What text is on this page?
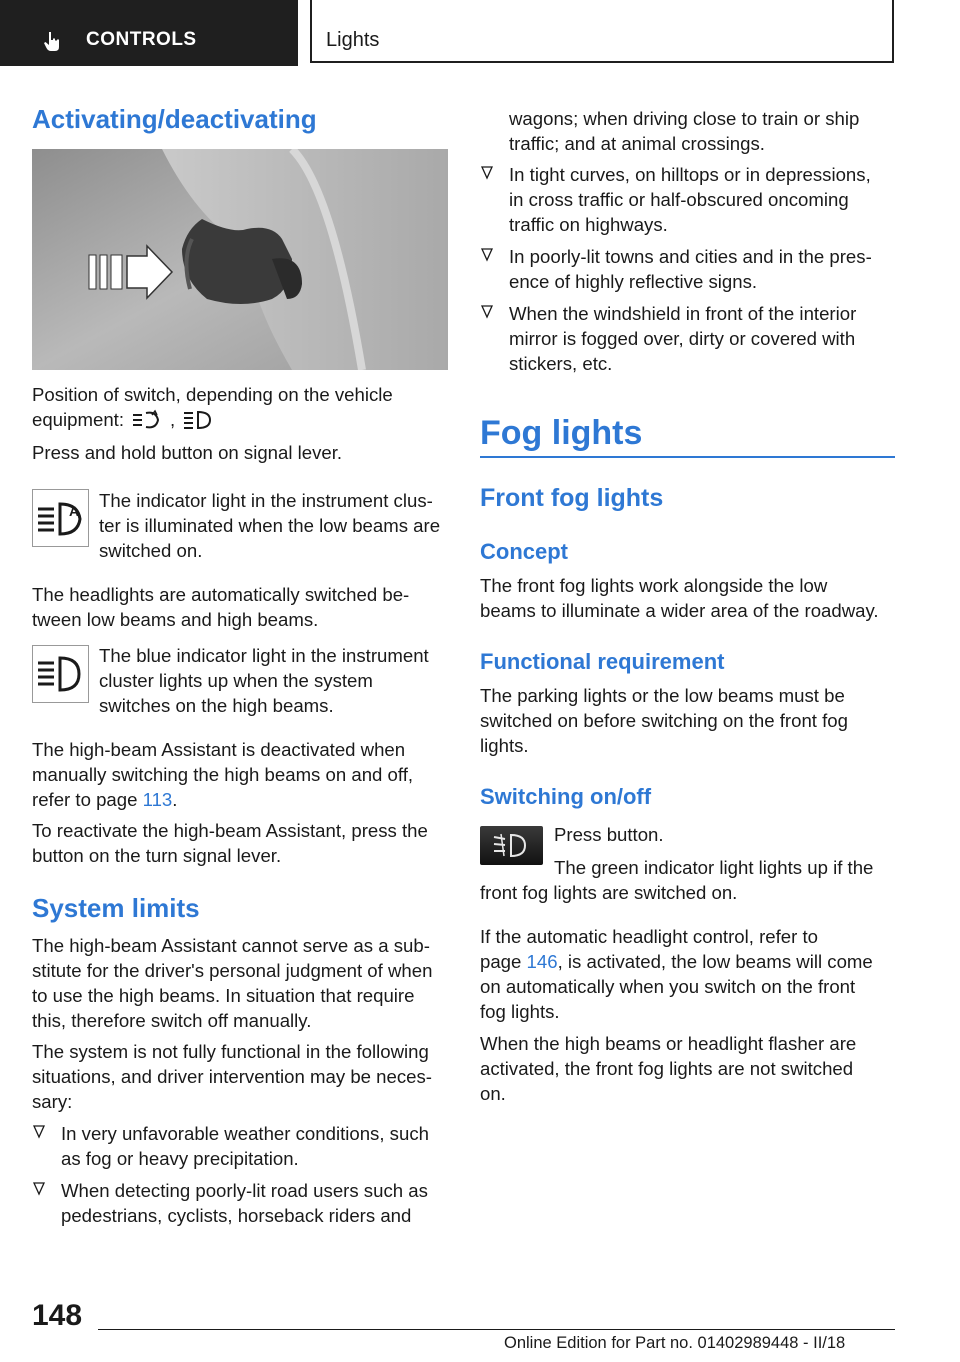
CONTROLS	Lights
Activating/deactivating

Position of switch, depending on the vehicle

equipment: ,

Press and hold button on signal lever.

A The indicator light in the instrument clus-

ter is illuminated when the low beams are

switched on.

The headlights are automatically switched be-

tween low beams and high beams.

The blue indicator light in the instrument

cluster lights up when the system

switches on the high beams.

The high-beam Assistant is deactivated when

manually switching the high beams on and off,

refer to page 113.

To reactivate the high-beam Assistant, press the

button on the turn signal lever.

System limits

The high-beam Assistant cannot serve as a sub-

stitute for the driver's personal judgment of when

to use the high beams. In situation that require

this, therefore switch off manually.

The system is not fully functional in the following

situations, and driver intervention may be neces-

sary:

In very unfavorable weather conditions, such

as fog or heavy precipitation.

When detecting poorly-lit road users such as

pedestrians, cyclists, horseback riders and

wagons; when driving close to train or ship

traffic; and at animal crossings.

In tight curves, on hilltops or in depressions,

in cross traffic or half-obscured oncoming

traffic on highways.

In poorly-lit towns and cities and in the pres-

ence of highly reflective signs.

When the windshield in front of the interior

mirror is fogged over, dirty or covered with

stickers, etc.

Fog lights
Front fog lights
Concept

The front fog lights work alongside the low

beams to illuminate a wider area of the roadway.

Functional requirement

The parking lights or the low beams must be

switched on before switching on the front fog

lights.

Switching on/off

Press button.

The green indicator light lights up if the

front fog lights are switched on.

If the automatic headlight control, refer to

page 146, is activated, the low beams will come

on automatically when you switch on the front

fog lights.

When the high beams or headlight flasher are

activated, the front fog lights are not switched

on.

148
Online Edition for Part no. 01402989448 - II/18
